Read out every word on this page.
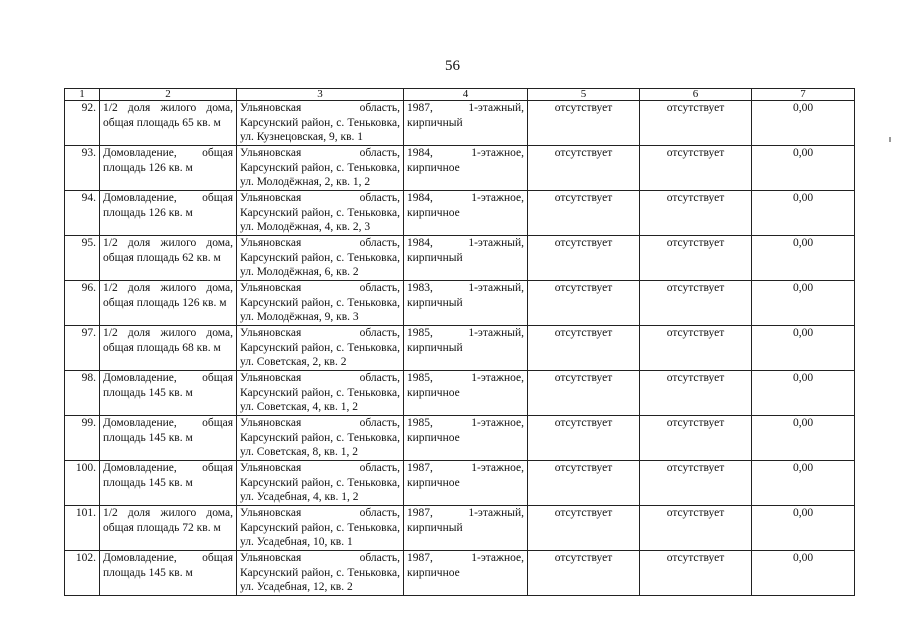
56
1	2	3	4	5	6	7
92.	1/2 доля жилого дома, общая площадь 65 кв. м	Ульяновская область, Карсунский район, с. Теньковка, ул. Кузнецовская, 9, кв. 1	1987, 1-этажный, кирпичный	отсутствует	отсутствует	0,00
93.	Домовладение, общая площадь 126 кв. м	Ульяновская область, Карсунский район, с. Теньковка, ул. Молодёжная, 2, кв. 1, 2	1984, 1-этажное, кирпичное	отсутствует	отсутствует	0,00
94.	Домовладение, общая площадь 126 кв. м	Ульяновская область, Карсунский район, с. Теньковка, ул. Молодёжная, 4, кв. 2, 3	1984, 1-этажное, кирпичное	отсутствует	отсутствует	0,00
95.	1/2 доля жилого дома, общая площадь 62 кв. м	Ульяновская область, Карсунский район, с. Теньковка, ул. Молодёжная, 6, кв. 2	1984, 1-этажный, кирпичный	отсутствует	отсутствует	0,00
96.	1/2 доля жилого дома, общая площадь 126 кв. м	Ульяновская область, Карсунский район, с. Теньковка, ул. Молодёжная, 9, кв. 3	1983, 1-этажный, кирпичный	отсутствует	отсутствует	0,00
97.	1/2 доля жилого дома, общая площадь 68 кв. м	Ульяновская область, Карсунский район, с. Теньковка, ул. Советская, 2, кв. 2	1985, 1-этажный, кирпичный	отсутствует	отсутствует	0,00
98.	Домовладение, общая площадь 145 кв. м	Ульяновская область, Карсунский район, с. Теньковка, ул. Советская, 4, кв. 1, 2	1985, 1-этажное, кирпичное	отсутствует	отсутствует	0,00
99.	Домовладение, общая площадь 145 кв. м	Ульяновская область, Карсунский район, с. Теньковка, ул. Советская, 8, кв. 1, 2	1985, 1-этажное, кирпичное	отсутствует	отсутствует	0,00
100.	Домовладение, общая площадь 145 кв. м	Ульяновская область, Карсунский район, с. Теньковка, ул. Усадебная, 4, кв. 1, 2	1987, 1-этажное, кирпичное	отсутствует	отсутствует	0,00
101.	1/2 доля жилого дома, общая площадь 72 кв. м	Ульяновская область, Карсунский район, с. Теньковка, ул. Усадебная, 10, кв. 1	1987, 1-этажный, кирпичный	отсутствует	отсутствует	0,00
102.	Домовладение, общая площадь 145 кв. м	Ульяновская область, Карсунский район, с. Теньковка, ул. Усадебная, 12, кв. 2	1987, 1-этажное, кирпичное	отсутствует	отсутствует	0,00
